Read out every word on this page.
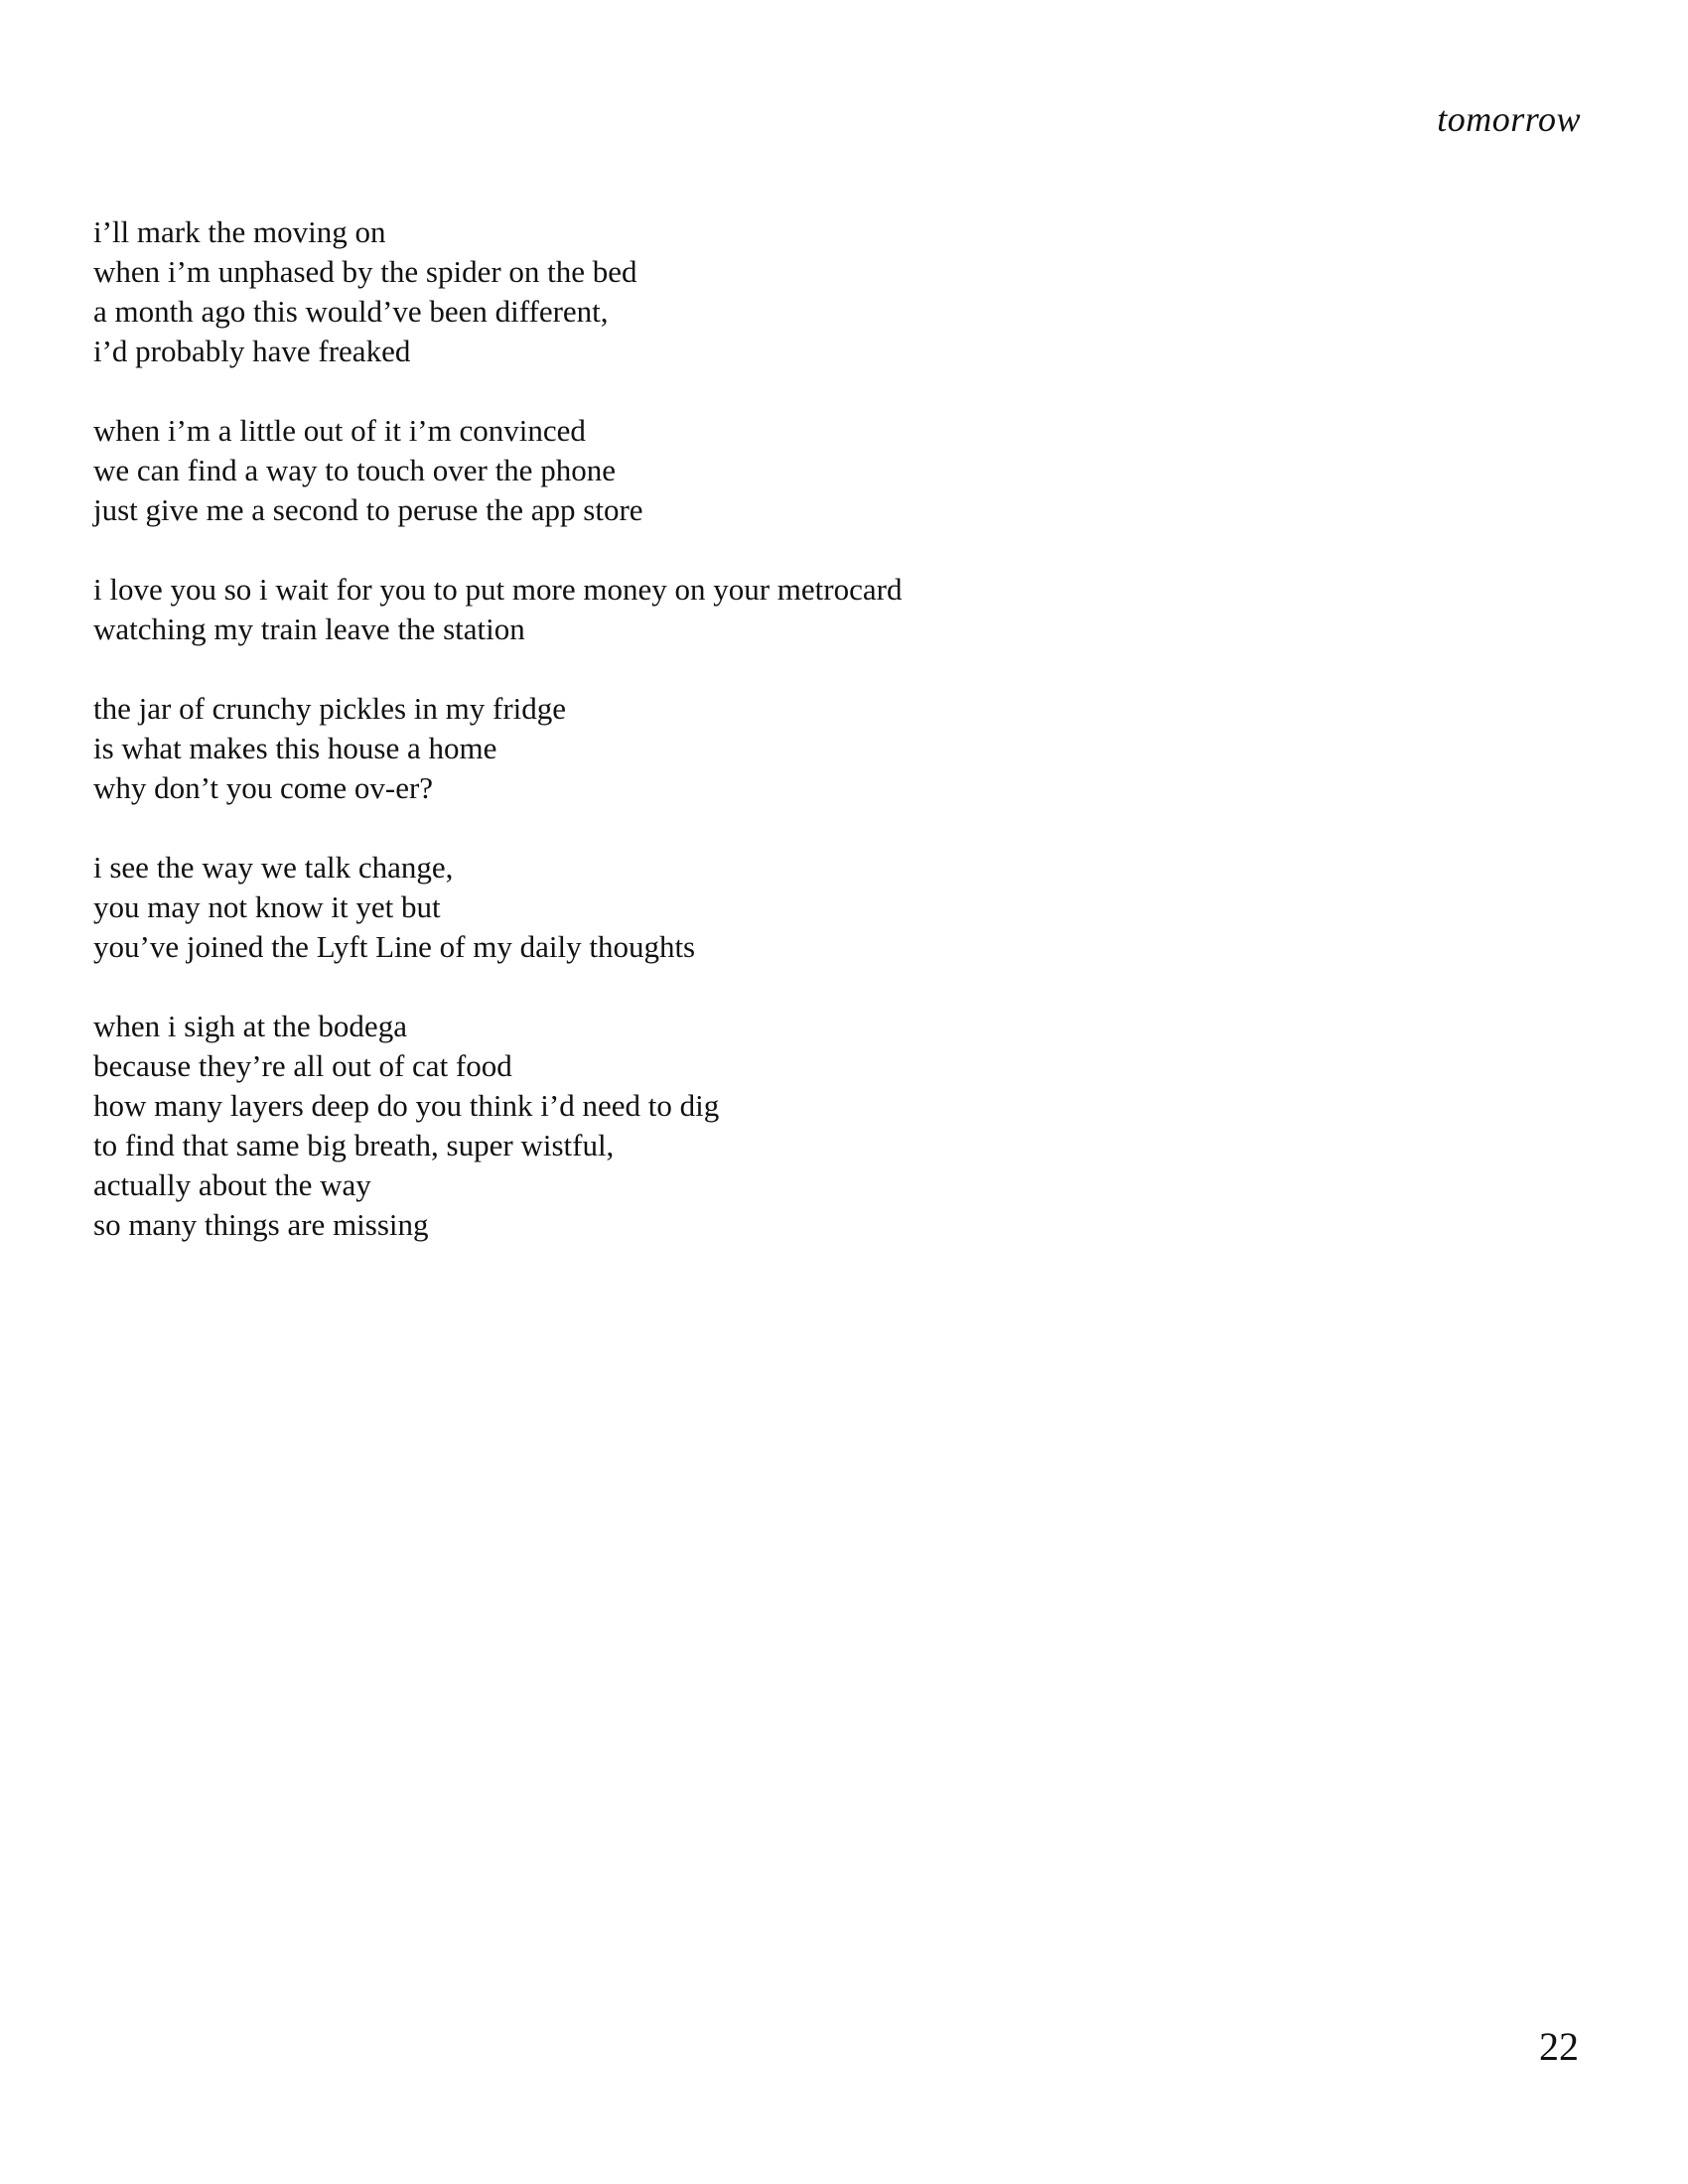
tomorrow
i’ll mark the moving on
when i’m unphased by the spider on the bed
a month ago this would’ve been different,
i’d probably have freaked
when i’m a little out of it i’m convinced
we can find a way to touch over the phone
just give me a second to peruse the app store
i love you so i wait for you to put more money on your metrocard
watching my train leave the station
the jar of crunchy pickles in my fridge
is what makes this house a home
why don’t you come ov-er?
i see the way we talk change,
you may not know it yet but
you’ve joined the Lyft Line of my daily thoughts
when i sigh at the bodega
because they’re all out of cat food
how many layers deep do you think i’d need to dig
to find that same big breath, super wistful,
actually about the way
so many things are missing
22
